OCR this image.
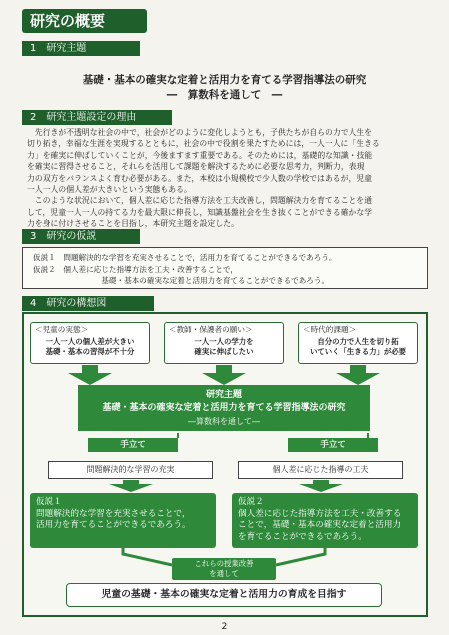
研究の概要
1　研究主題
基礎・基本の確実な定着と活用力を育てる学習指導法の研究
―　算数科を通して　―
2　研究主題設定の理由
　先行きが不透明な社会の中で，社会がどのように変化しようとも，子供たちが自らの力で人生を
切り拓き，幸福な生涯を実現するとともに，社会の中で役割を果たすためには，一人一人に「生きる
力」を確実に伸ばしていくことが，今後ますます重要である。そのためには，基礎的な知識・技能
を確実に習得させること，それらを活用して課題を解決するために必要な思考力，判断力，表現
力の双方をバランスよく育む必要がある。また，本校は小規模校で少人数の学校ではあるが，児童
一人一人の個人差が大きいという実態もある。
　このような状況において，個人差に応じた指導方法を工夫改善し，問題解決力を育てることを通
して，児童一人一人の持てる力を最大限に伸長し，知識基盤社会を生き抜くことができる確かな学
力を身に付けさせることを目指し，本研究主題を設定した。
3　研究の仮説
仮説１　問題解決的な学習を充実させることで，活用力を育てることができるであろう。
仮説２　個人差に応じた指導方法を工夫・改善することで，
　　　　　　　　　基礎・基本の確実な定着と活用力を育てることができるであろう。
4　研究の構想図
＜児童の実態＞
一人一人の個人差が大きい
基礎・基本の習得が不十分
＜教師・保護者の願い＞
一人一人の学力を
確実に伸ばしたい
＜時代的課題＞
自分の力で人生を切り拓
いていく「生きる力」が必要
研究主題
基礎・基本の確実な定着と活用力を育てる学習指導法の研究
―算数科を通して―
手立て	手立て
問題解決的な学習の充実	個人差に応じた指導の工夫
仮説１
問題解決的な学習を充実させることで，
活用力を育てることができるであろう。
仮説２
個人差に応じた指導方法を工夫・改善する
ことで，基礎・基本の確実な定着と活用力
を育てることができるであろう。
これらの授業改善
を通して
児童の基礎・基本の確実な定着と活用力の育成を目指す
2
